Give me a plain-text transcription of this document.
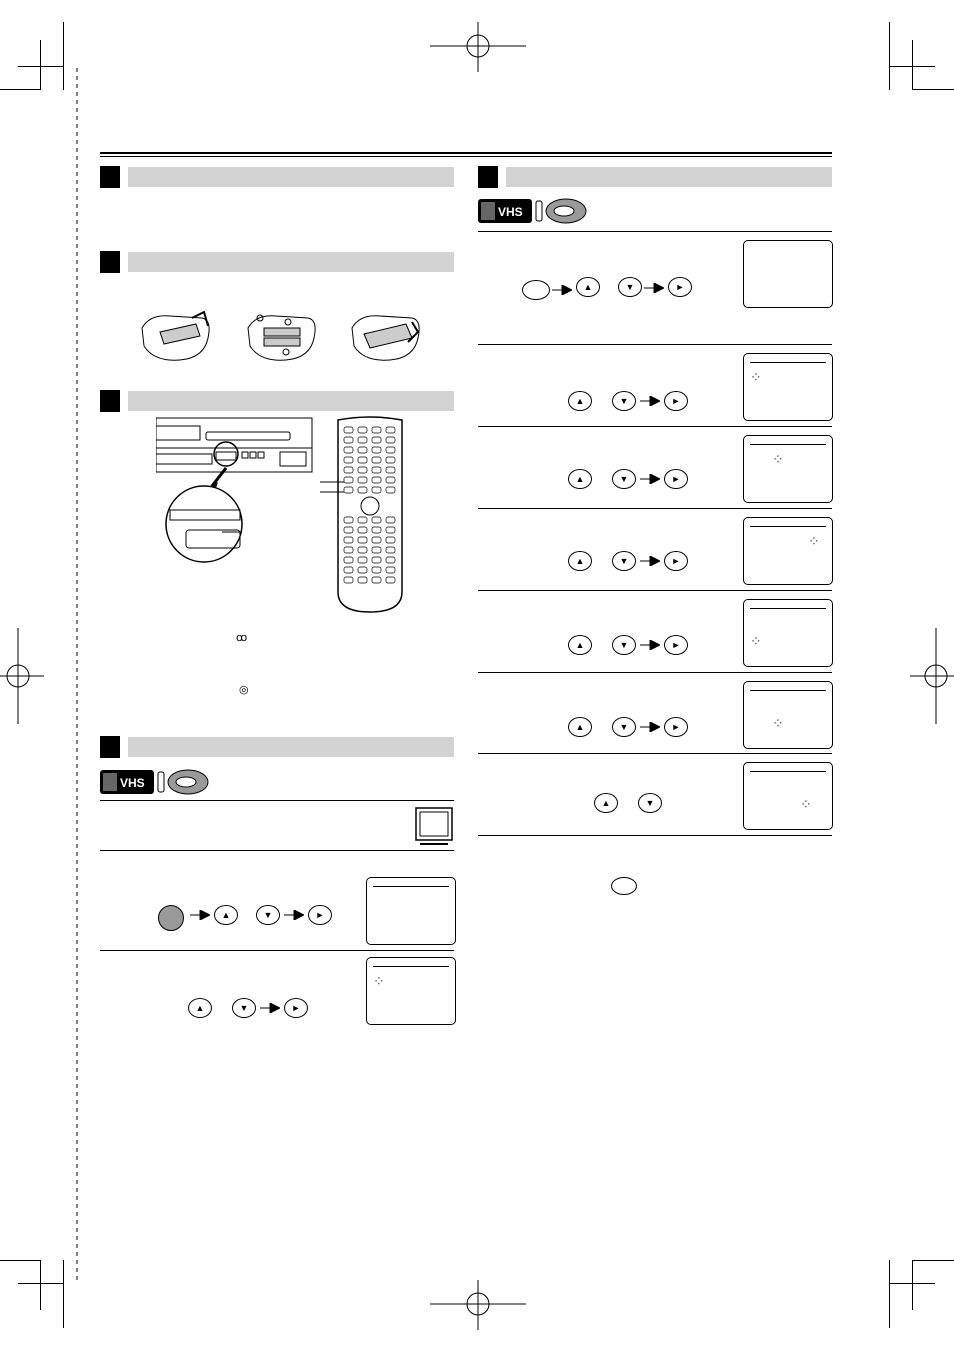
ꝏ
◎
VHS
VHS
▲	▼	►
▲	▼	►
⁘
▲	▼	►
▲	▼	►
⁘
▲	▼	►
⁘
▲	▼	►
⁘
▲	▼	►	⁘
▲	▼	►	⁘
▲	▼	⁘
